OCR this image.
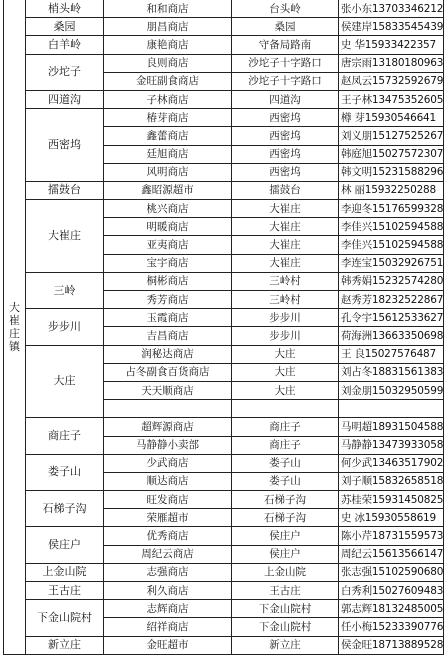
大崔庄镇	梢头岭	和和商店	台头岭	张小东13703346212
	桑园	朋昌商店	桑园	侯建岸15833545439
	白羊岭	康艳商店	守备局路南	史 华15933422357
	沙坨子	良则商店	沙坨子十字路口	唐宗雨13180180963
		金旺副食商店	沙坨子十字路口	赵凤云15732592679
	四道沟	子林商店	四道沟	王子林13475352605
	西密坞	椿芽商店	西密坞	樽 芽15930546641
		鑫蕾商店	西密坞	刘义朋15127525267
		廷旭商店	西密坞	韩庭旭15027572307
		风明商店	西密坞	韩文明15231588296
	擂鼓台	鑫昭源超市	擂鼓台	林 丽15932250288
	大崔庄	桃兴商店	大崔庄	李迎冬15176599328
		明暖商店	大崔庄	李佳兴15102594588
		亚夷商店	大崔庄	李佳兴15102594588
		宝宇商店	大崔庄	李连宝15032926751
	三岭	桐彬商店	三岭村	韩秀娟15232574280
		秀芳商店	三岭村	赵秀芳18232522867
	步步川	玉霞商店	步步川	孔令宇15612533627
		吉昌商店	步步川	荷海洲13663350698
	大庄	润秘达商店	大庄	王 良15027576487
		占冬副食百货商店	大庄	刘占冬18831561383
		天天顺商店	大庄	刘金朋15032950599

	商庄子	超辉源商店	商庄子	马明超18931504588
		马静静小卖部	商庄子	马静静13473933058
	娄子山	少武商店	娄子山	何少武13463517902
		顺达商店	娄子山	刘子顺15832658518
	石梯子沟	旺发商店	石梯子沟	苏桂荣15931450825
		荣雁超市	石梯子沟	史 冰15930558619
	侯庄户	优秀商店	侯庄户	陈小芹18731559573
		周纪云商店	侯庄户	周纪云15613566147
	上金山院	志强商店	上金山院	张志强15102590680
	王古庄	利久商店	王古庄	白秀利15027609483
	下金山院村	志辉商店	下金山院村	郭志辉18132485005
		绍祥商店	下金山院村	任小梅15233390776
	新立庄	金旺超市	新立庄	侯金旺18713889528
